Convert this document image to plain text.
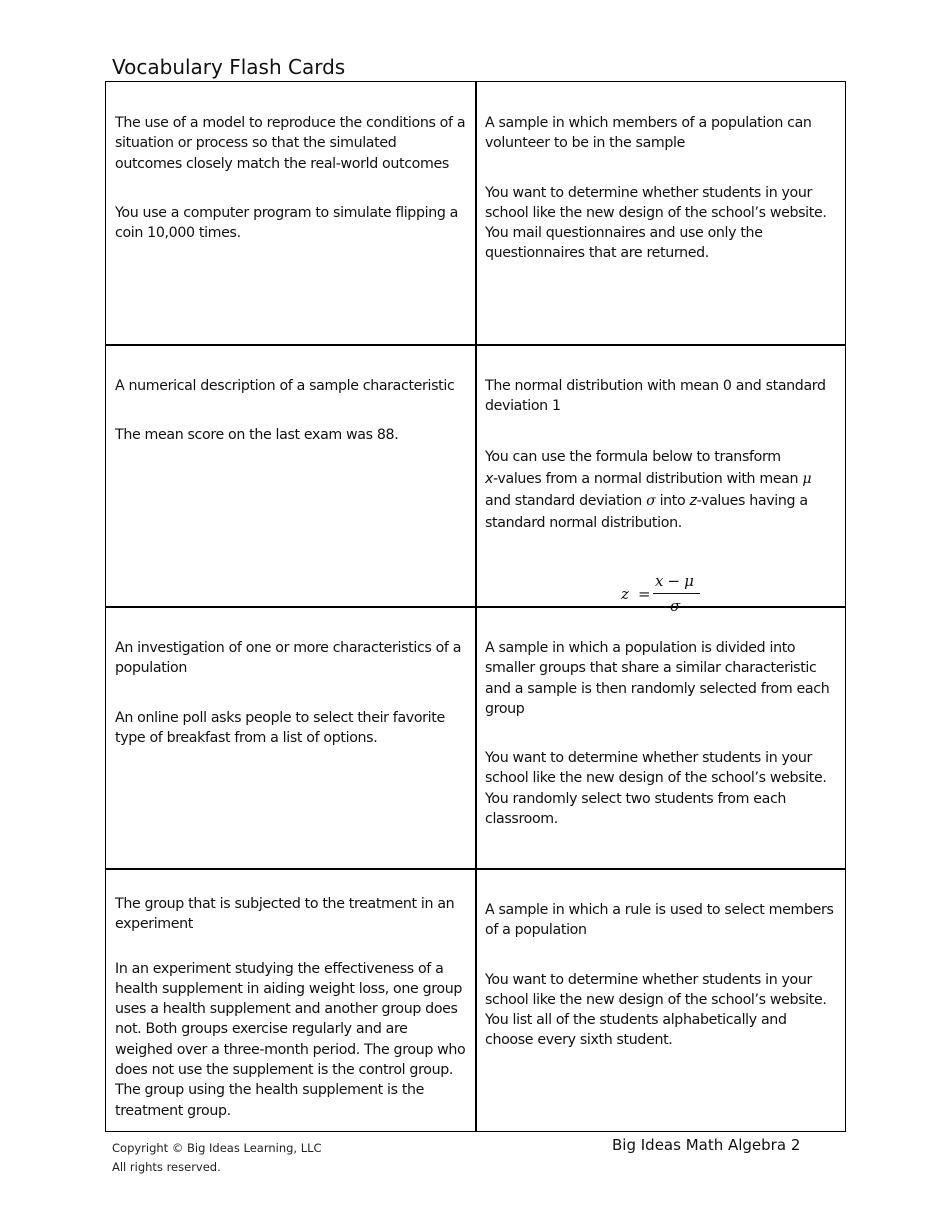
Vocabulary Flash Cards

The use of a model to reproduce the conditions of a situation or process so that the simulated outcomes closely match the real-world outcomes

You use a computer program to simulate flipping a coin 10,000 times.

A sample in which members of a population can volunteer to be in the sample

You want to determine whether students in your school like the new design of the school’s website. You mail questionnaires and use only the questionnaires that are returned.

A numerical description of a sample characteristic

The mean score on the last exam was 88.

The normal distribution with mean 0 and standard deviation 1

You can use the formula below to transform
x-values from a normal distribution with mean μ
and standard deviation σ into z-values having a standard normal distribution.

z =
x − μ
σ

An investigation of one or more characteristics of a population

An online poll asks people to select their favorite type of breakfast from a list of options.

A sample in which a population is divided into smaller groups that share a similar characteristic and a sample is then randomly selected from each group

You want to determine whether students in your school like the new design of the school’s website. You randomly select two students from each classroom.

The group that is subjected to the treatment in an experiment

In an experiment studying the effectiveness of a health supplement in aiding weight loss, one group uses a health supplement and another group does not. Both groups exercise regularly and are weighed over a three-month period. The group who does not use the supplement is the control group. The group using the health supplement is the treatment group.

A sample in which a rule is used to select members of a population

You want to determine whether students in your school like the new design of the school’s website. You list all of the students alphabetically and choose every sixth student.

Copyright © Big Ideas Learning, LLC
All rights reserved.
Big Ideas Math Algebra 2
